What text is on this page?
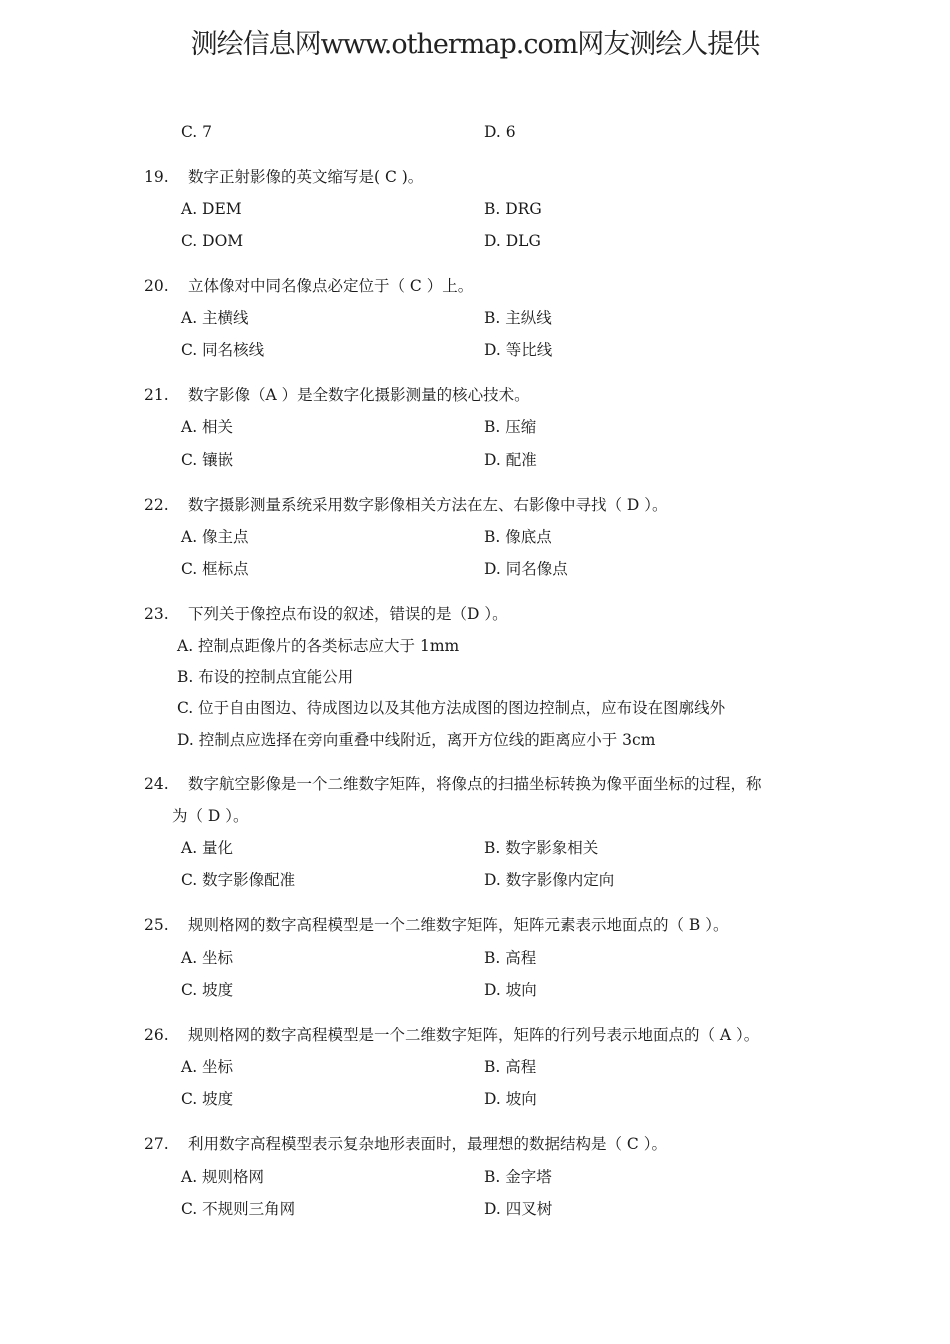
测绘信息网www.othermap.com网友测绘人提供
C. 7	D. 6
19. 数字正射影像的英文缩写是( C )。
A. DEM	B. DRG
C. DOM	D. DLG
20. 立体像对中同名像点必定位于（ C ）上。
A. 主横线	B. 主纵线
C. 同名核线	D. 等比线
21. 数字影像（A ）是全数字化摄影测量的核心技术。
A. 相关	B. 压缩
C. 镶嵌	D. 配准
22. 数字摄影测量系统采用数字影像相关方法在左、右影像中寻找（ D ）。
A. 像主点	B. 像底点
C. 框标点	D. 同名像点
23. 下列关于像控点布设的叙述，错误的是（D ）。
A. 控制点距像片的各类标志应大于 1mm
B. 布设的控制点宜能公用
C. 位于自由图边、待成图边以及其他方法成图的图边控制点，应布设在图廓线外
D. 控制点应选择在旁向重叠中线附近，离开方位线的距离应小于 3cm
24. 数字航空影像是一个二维数字矩阵，将像点的扫描坐标转换为像平面坐标的过程，称
为（ D ）。
A. 量化	B. 数字影象相关
C. 数字影像配准	D. 数字影像内定向
25. 规则格网的数字高程模型是一个二维数字矩阵，矩阵元素表示地面点的（ B ）。
A. 坐标	B. 高程
C. 坡度	D. 坡向
26. 规则格网的数字高程模型是一个二维数字矩阵，矩阵的行列号表示地面点的（ A ）。
A. 坐标	B. 高程
C. 坡度	D. 坡向
27. 利用数字高程模型表示复杂地形表面时，最理想的数据结构是（ C ）。
A. 规则格网	B. 金字塔
C. 不规则三角网	D. 四叉树
